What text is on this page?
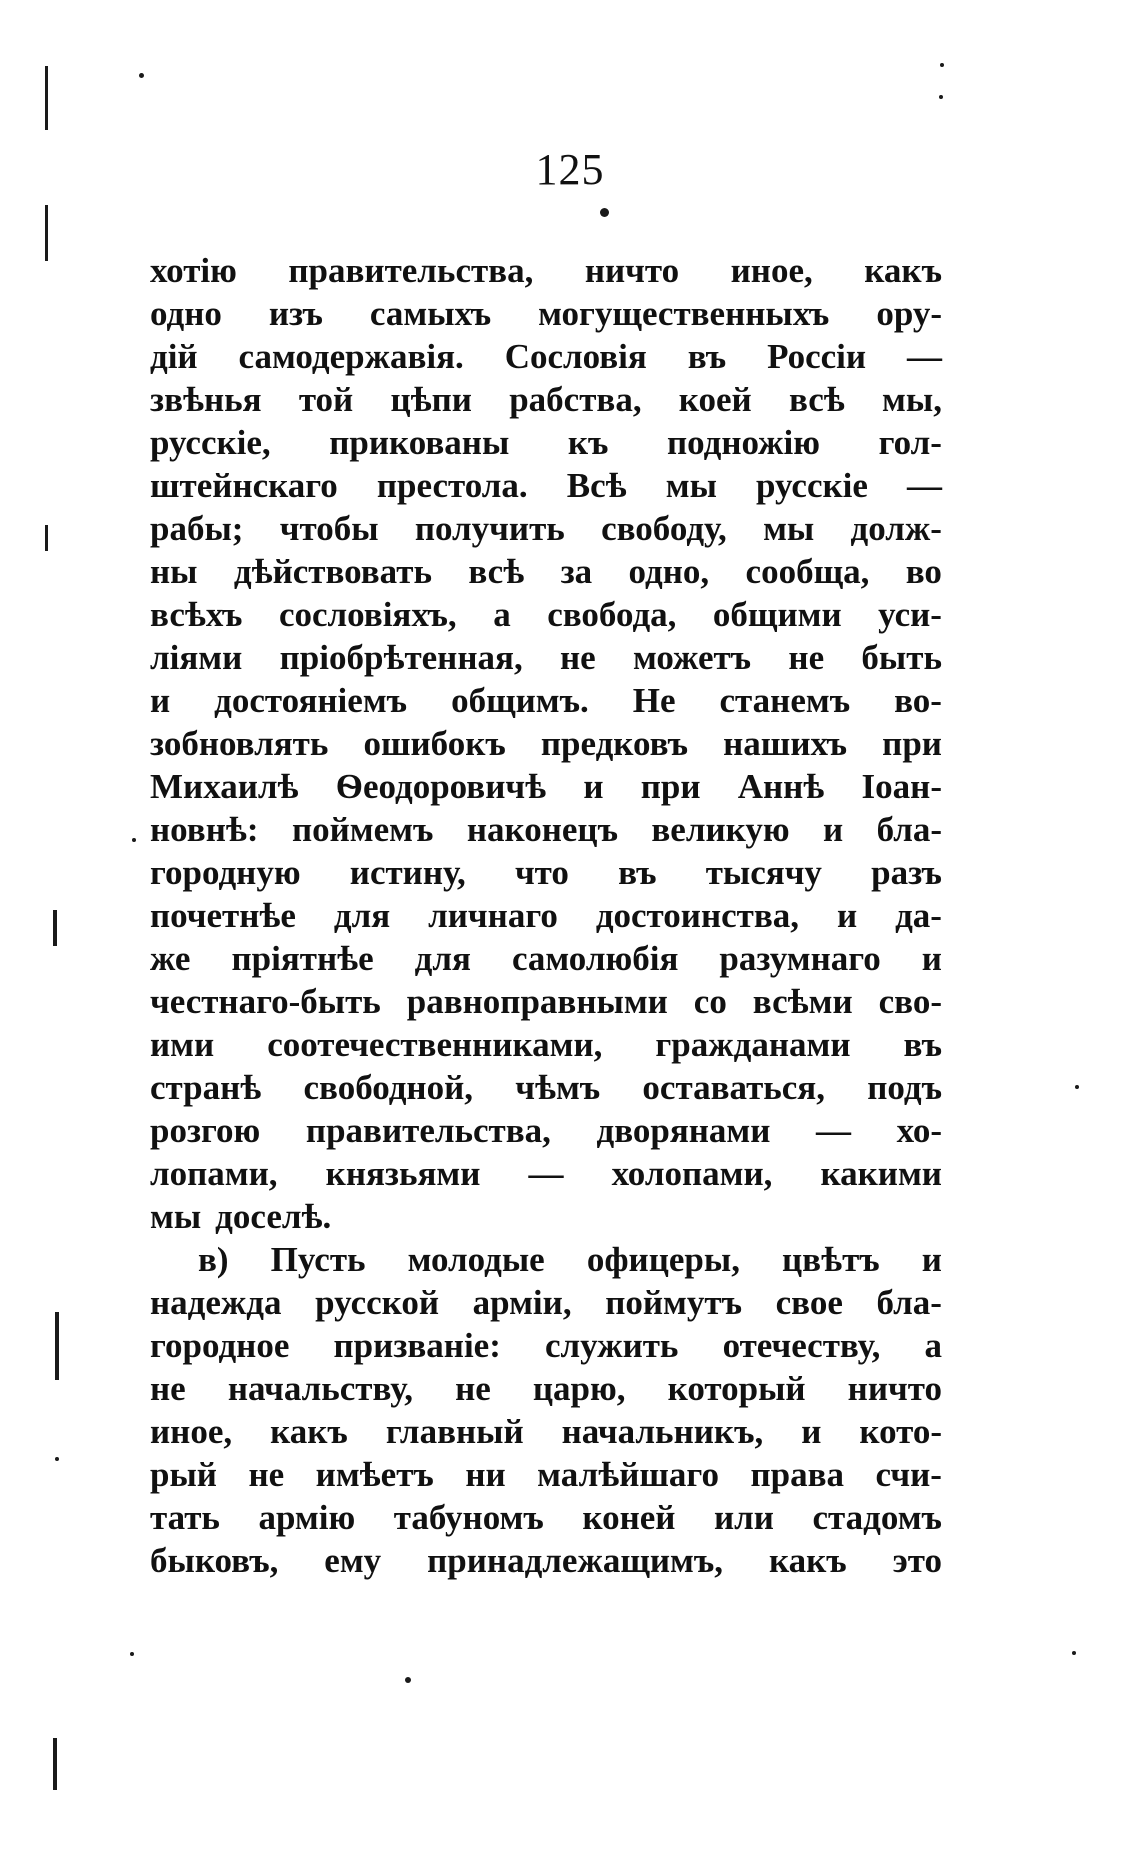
125
хотію правительства, ничто иное, какъ
одно изъ самыхъ могущественныхъ ору-
дій самодержавія. Сословія въ Россіи —
звѣнья той цѣпи рабства, коей всѣ мы,
русскіе, прикованы къ подножію гол-
штейнскаго престола. Всѣ мы русскіе —
рабы; чтобы получить свободу, мы долж-
ны дѣйствовать всѣ за одно, сообща, во
всѣхъ сословіяхъ, а свобода, общими уси-
ліями пріобрѣтенная, не можетъ не быть
и достояніемъ общимъ. Не станемъ во-
зобновлять ошибокъ предковъ нашихъ при
Михаилѣ Ѳеодоровичѣ и при Аннѣ Іоан-
новнѣ: поймемъ наконецъ великую и бла-
городную истину, что въ тысячу разъ
почетнѣе для личнаго достоинства, и да-
же пріятнѣе для самолюбія разумнаго и
честнаго-быть равноправными со всѣми сво-
ими соотечественниками, гражданами въ
странѣ свободной, чѣмъ оставаться, подъ
розгою правительства, дворянами — хо-
лопами, князьями — холопами, какими
мы доселѣ.
в) Пусть молодые офицеры, цвѣтъ и
надежда русской арміи, поймутъ свое бла-
городное призваніе: служить отечеству, а
не начальству, не царю, который ничто
иное, какъ главный начальникъ, и кото-
рый не имѣетъ ни малѣйшаго права счи-
тать армію табуномъ коней или стадомъ
быковъ, ему принадлежащимъ, какъ это
